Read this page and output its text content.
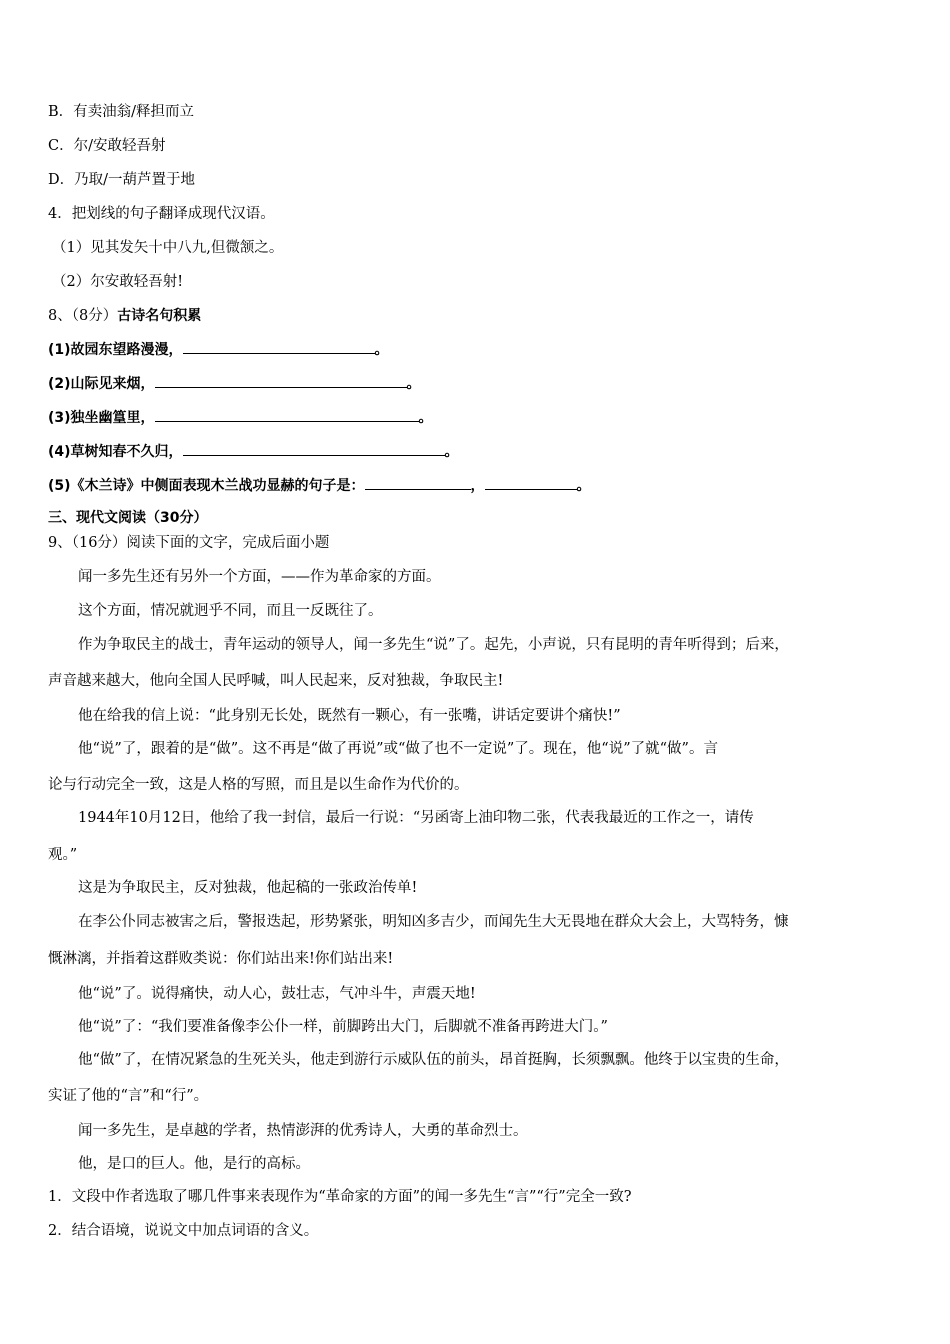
B．有卖油翁/释担而立
C．尔/安敢轻吾射
D．乃取/一葫芦置于地
4．把划线的句子翻译成现代汉语。
（1）见其发矢十中八九,但微颔之。
（2）尔安敢轻吾射!
8、（8分）古诗名句积累
(1)故园东望路漫漫，	。
(2)山际见来烟，	。
(3)独坐幽篁里，	。
(4)草树知春不久归，	。
(5)《木兰诗》中侧面表现木兰战功显赫的句子是：	，	。
三、现代文阅读（30分）
9、（16分）阅读下面的文字，完成后面小题
闻一多先生还有另外一个方面，——作为革命家的方面。
这个方面，情况就迥乎不同，而且一反既往了。
作为争取民主的战士，青年运动的领导人，闻一多先生“说”了。起先，小声说，只有昆明的青年听得到；后来，
声音越来越大，他向全国人民呼喊，叫人民起来，反对独裁，争取民主!
他在给我的信上说：“此身别无长处，既然有一颗心，有一张嘴，讲话定要讲个痛快!”
他“说”了，跟着的是“做”。这不再是“做了再说”或“做了也不一定说”了。现在，他“说”了就“做”。言
论与行动完全一致，这是人格的写照，而且是以生命作为代价的。
1944年10月12日，他给了我一封信，最后一行说：“另函寄上油印物二张，代表我最近的工作之一，请传
观。”
这是为争取民主，反对独裁，他起稿的一张政治传单!
在李公仆同志被害之后，警报迭起，形势紧张，明知凶多吉少，而闻先生大无畏地在群众大会上，大骂特务，慷
慨淋漓，并指着这群败类说：你们站出来!你们站出来!
他“说”了。说得痛快，动人心，鼓壮志，气冲斗牛，声震天地!
他“说”了：“我们要准备像李公仆一样，前脚跨出大门，后脚就不准备再跨进大门。”
他“做”了，在情况紧急的生死关头，他走到游行示威队伍的前头，昂首挺胸，长须飘飘。他终于以宝贵的生命，
实证了他的“言”和“行”。
闻一多先生，是卓越的学者，热情澎湃的优秀诗人，大勇的革命烈士。
他，是口的巨人。他，是行的高标。
1．文段中作者选取了哪几件事来表现作为“革命家的方面”的闻一多先生“言”“行”完全一致?
2．结合语境，说说文中加点词语的含义。
